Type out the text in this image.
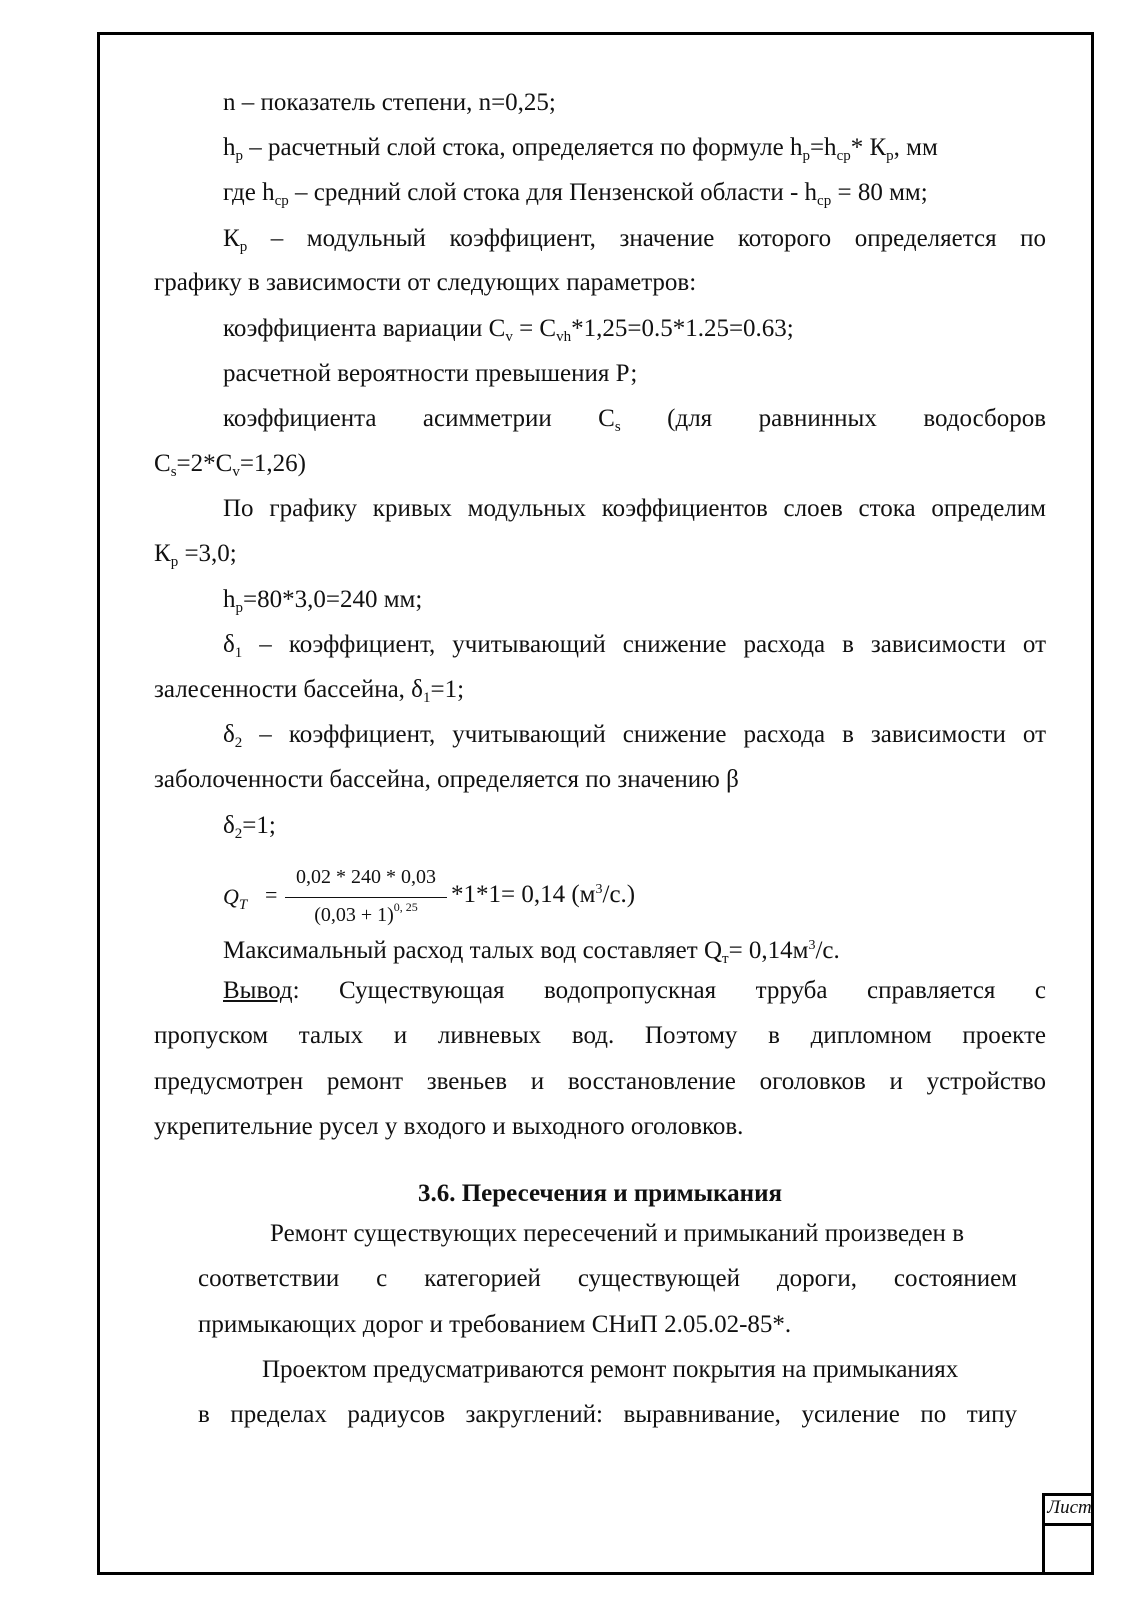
Лист
n – показатель степени, n=0,25;
$h_p$ – расчетный слой стока, определяется по формуле $h_p=h_{cp}*$ $К_р$, мм
где $h_{cp}$ – средний слой стока для Пензенской области - $h_{cp} = 80$ мм;
$К_р$ – модульный коэффициент, значение которого определяется по
графику в зависимости от следующих параметров:
коэффициента вариации $C_v = C_{vh}*1,25=0.5*1.25=0.63$;
расчетной вероятности превышения Р;
коэффициента асимметрии $C_s$ (для равнинных водосборов
$C_s=2*C_v=1,26$)
По графику кривых модульных коэффициентов слоев стока определим
$К_р =3,0$;
$h_p=80*3,0=240$ мм;
$\delta_1$ – коэффициент, учитывающий снижение расхода в зависимости от
залесенности бассейна, $\delta_1=1$;
$\delta_2$ – коэффициент, учитывающий снижение расхода в зависимости от
заболоченности бассейна, определяется по значению β
$\delta_2=1$;
$Q_Т$ =
0,02 * 240 * 0,03
$(0,03 + 1)^{0, 25}$	*1*1= 0,14 $(м^3/с.)$
Максимальный расход талых вод составляет $Q_т= 0,14м^3/с$.
Вывод: Существующая водопропускная трруба справляется с
пропуском талых и ливневых вод. Поэтому в дипломном проекте
предусмотрен ремонт звеньев и восстановление оголовков и устройство
укрепительние русел у входого и выходного оголовков.
3.6. Пересечения и примыкания
Ремонт существующих пересечений и примыканий произведен в
соответствии с категорией существующей дороги, состоянием
примыкающих дорог и требованием СНиП 2.05.02-85*.
Проектом предусматриваются ремонт покрытия на примыканиях
в пределах радиусов закруглений: выравнивание, усиление по типу
